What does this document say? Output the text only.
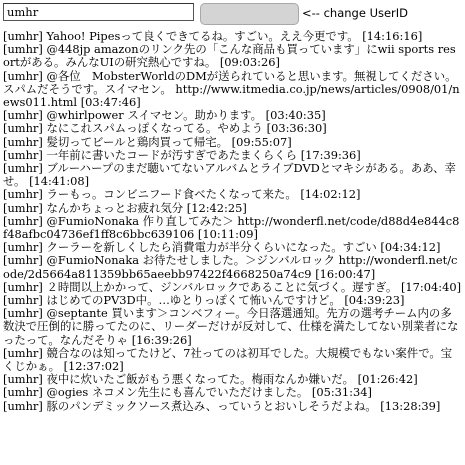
umhr
<-- change UserID
[umhr] Yahoo! Pipesって良くできてるね。すごい。ええ今更です。 [14:16:16]
[umhr] @448jp amazonのリンク先の「こんな商品も買っています」にwii sports resortがある。みんなUIの研究熱心ですね。 [09:03:26]
[umhr] @各位　MobsterWorldのDMが送られていると思います。無視してください。スパムだそうです。スイマセン。 http://www.itmedia.co.jp/news/articles/0908/01/news011.html [03:47:46]
[umhr] @whirlpower スイマセン。助かります。 [03:40:35]
[umhr] なにこれスパムっぽくなってる。やめよう [03:36:30]
[umhr] 髪切ってビールと鶏肉買って帰宅。 [09:55:07]
[umhr] 一年前に書いたコードが汚すぎであたまくらくら [17:39:36]
[umhr] ブルーハープのまだ聴いてないアルバムとライブDVDとマキシがある。ああ、幸せ。 [14:41:08]
[umhr] ラーもっ。コンビニフード食べたくなって来た。 [14:02:12]
[umhr] なんかちょっとお疲れ気分 [12:42:25]
[umhr] @FumioNonaka 作り直してみた＞ http://wonderfl.net/code/d88d4e844c8f48afbc04736ef1ff8c6bbc639106 [10:11:09]
[umhr] クーラーを新しくしたら消費電力が半分くらいになった。すごい [04:34:12]
[umhr] @FumioNonaka お待たせしました。＞ジンバルロック http://wonderfl.net/code/2d5664a811359bb65aeebb97422f4668250a74c9 [16:00:47]
[umhr] ２時間以上かかって、ジンバルロックであることに気づく。遅すぎ。 [17:04:40]
[umhr] はじめてのPV3D中。…ゆとりっぽくて怖いんですけど。 [04:39:23]
[umhr] @septante 買います＞コンベフィー。今日落選通知。先方の選考チーム内の多数決で圧倒的に勝ってたのに、リーダーだけが反対して、仕様を満たしてない別業者になったって。なんだそりゃ [16:39:26]
[umhr] 競合なのは知ってたけど、7社ってのは初耳でした。大規模でもない案件で。宝くじかぁ。 [12:37:02]
[umhr] 夜中に炊いたご飯がもう悪くなってた。梅雨なんか嫌いだ。 [01:26:42]
[umhr] @ogies ネコメン先生にも喜んでいただけました。 [05:31:34]
[umhr] 豚のパンデミックソース煮込み、っていうとおいしそうだよね。 [13:28:39]
